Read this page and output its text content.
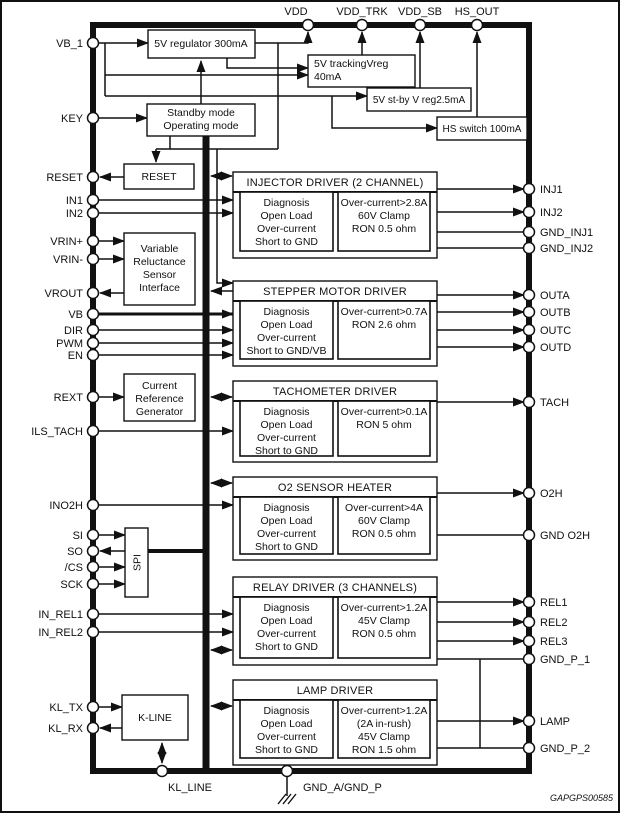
5V regulator 300mA
5V trackingVreg
40mA
5V st-by V reg2.5mA
HS switch 100mA
Standby mode
Operating mode
RESET
Variable
Reluctance
Sensor
Interface
Current
Reference
Generator
SPI
K-LINE
INJECTOR DRIVER (2 CHANNEL)
Diagnosis
Open Load
Over-current
Short to GND
Over-current>2.8A
60V Clamp
RON 0.5 ohm
STEPPER MOTOR DRIVER
Diagnosis
Open Load
Over-current
Short to GND/VB
Over-current>0.7A
RON 2.6 ohm
TACHOMETER DRIVER
Diagnosis
Open Load
Over-current
Short to GND
Over-current>0.1A
RON 5 ohm
O2 SENSOR HEATER
Diagnosis
Open Load
Over-current
Short to GND
Over-current>4A
60V Clamp
RON 0.5 ohm
RELAY DRIVER (3 CHANNELS)
Diagnosis
Open Load
Over-current
Short to GND
Over-current>1.2A
45V Clamp
RON 0.5 ohm
LAMP DRIVER
Diagnosis
Open Load
Over-current
Short to GND
Over-current>1.2A
(2A in-rush)
45V Clamp
RON 1.5 ohm
VDD	VDD_TRK VDD_SB HS_OUT
VB_1
KEY
RESET
IN1
IN2
VRIN+
VRIN-
VROUT
VB
DIR
PWM
EN
REXT
ILS_TACH
INO2H
SI
SO
/CS
SCK
IN_REL1
IN_REL2
KL_TX
KL_RX
INJ1
INJ2
GND_INJ1
GND_INJ2
OUTA
OUTB
OUTC
OUTD
TACH
O2H
GND O2H
REL1
REL2
REL3
GND_P_1
LAMP
GND_P_2
KL_LINE	GND_A/GND_P
GAPGPS00585
